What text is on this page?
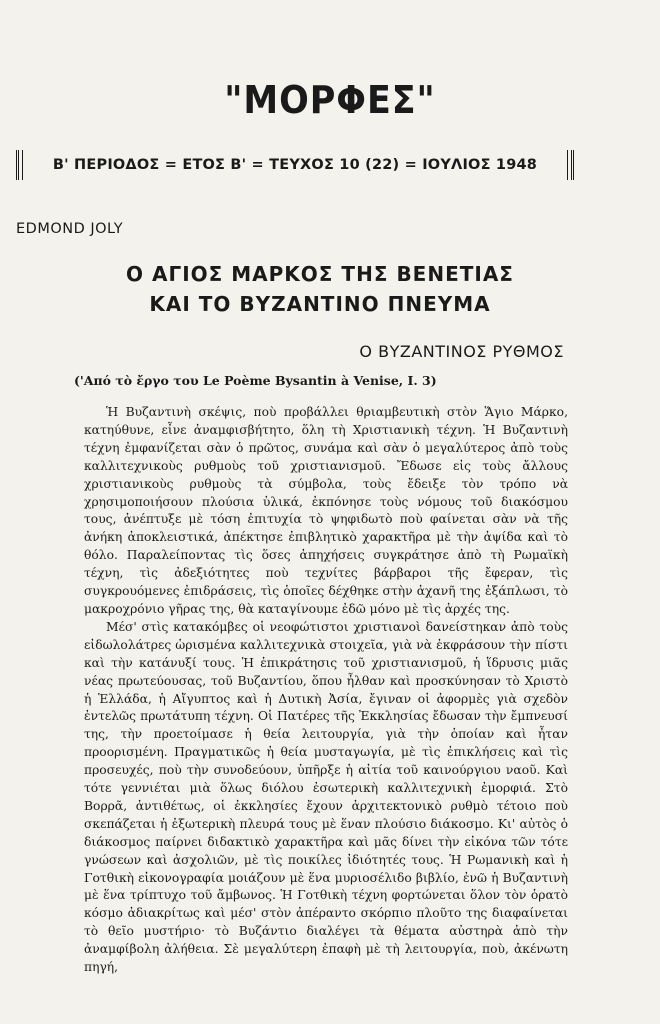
"ΜΟΡΦΕΣ"
Β' ΠΕΡΙΟΔΟΣ = ΕΤΟΣ Β' = ΤΕΥΧΟΣ 10 (22) = ΙΟΥΛΙΟΣ 1948
EDMOND JOLY
Ο ΑΓΙΟΣ ΜΑΡΚΟΣ ΤΗΣ ΒΕΝΕΤΙΑΣ
ΚΑΙ ΤΟ ΒΥΖΑΝΤΙΝΟ ΠΝΕΥΜΑ
Ο ΒΥΖΑΝΤΙΝΟΣ ΡΥΘΜΟΣ
('Από τὸ ἔργο του Le Poème Bysantin à Venise, I. 3)

Ἡ Βυζαντινὴ σκέψις, ποὺ προβάλλει θριαμβευτικὴ στὸν Ἅγιο Μάρκο, κατηύθυνε, εἶνε ἀναμφισβήτητο, ὅλη τὴ Χριστιανικὴ τέχνη. Ἡ Βυζαντινὴ τέχνη ἐμφανίζεται σὰν ὁ πρῶτος, συνάμα καὶ σὰν ὁ μεγαλύτερος ἀπὸ τοὺς καλλιτεχνικοὺς ρυθμοὺς τοῦ χριστιανισμοῦ. Ἔδωσε εἰς τοὺς ἄλλους χριστιανικοὺς ρυθμοὺς τὰ σύμβολα, τοὺς ἔδειξε τὸν τρόπο νὰ χρησιμοποιήσουν πλούσια ὑλικά, ἐκπόνησε τοὺς νόμους τοῦ διακόσμου τους, ἀνέπτυξε μὲ τόση ἐπιτυχία τὸ ψηφιδωτὸ ποὺ φαίνεται σὰν νὰ τῆς ἀνήκη ἀποκλειστικά, ἀπέκτησε ἐπιβλητικὸ χαρακτῆρα μὲ τὴν ἀψίδα καὶ τὸ θόλο. Παραλείποντας τὶς ὅσες ἀπηχήσεις συγκράτησε ἀπὸ τὴ Ρωμαϊκὴ τέχνη, τὶς ἀδεξιότητες ποὺ τεχνίτες βάρβαροι τῆς ἔφεραν, τὶς συγκρουόμενες ἐπιδράσεις, τὶς ὁποῖες δέχθηκε στὴν ἀχανῆ της ἐξάπλωσι, τὸ μακροχρόνιο γῆρας της, θὰ καταγίνουμε ἐδῶ μόνο μὲ τὶς ἀρχές της.

Μέσ' στὶς κατακόμβες οἱ νεοφώτιστοι χριστιανοὶ δανείστηκαν ἀπὸ τοὺς εἰδωλολάτρες ὡρισμένα καλλιτεχνικὰ στοιχεῖα, γιὰ νὰ ἐκφράσουν τὴν πίστι καὶ τὴν κατάνυξί τους. Ἡ ἐπικράτησις τοῦ χριστιανισμοῦ, ἡ ἵδρυσις μιᾶς νέας πρωτεύουσας, τοῦ Βυζαντίου, ὅπου ἦλθαν καὶ προσκύνησαν τὸ Χριστὸ ἡ Ἑλλάδα, ἡ Αἴγυπτος καὶ ἡ Δυτικὴ Ἀσία, ἔγιναν οἱ ἀφορμὲς γιὰ σχεδὸν ἐντελῶς πρωτάτυπη τέχνη. Οἱ Πατέρες τῆς Ἐκκλησίας ἔδωσαν τὴν ἔμπνευσί της, τὴν προετοίμασε ἡ θεία λειτουργία, γιὰ τὴν ὁποίαν καὶ ἦταν προορισμένη. Πραγματικῶς ἡ θεία μυσταγωγία, μὲ τὶς ἐπικλήσεις καὶ τὶς προσευχές, ποὺ τὴν συνοδεύουν, ὑπῆρξε ἡ αἰτία τοῦ καινούργιου ναοῦ. Καὶ τότε γεννιέται μιὰ ὅλως διόλου ἐσωτερικὴ καλλιτεχνικὴ ἐμορφιά. Στὸ Βορρᾶ, ἀντιθέτως, οἱ ἐκκλησίες ἔχουν ἀρχιτεκτονικὸ ρυθμὸ τέτοιο ποὺ σκεπάζεται ἡ ἐξωτερικὴ πλευρά τους μὲ ἕναν πλούσιο διάκοσμο. Κι' αὐτὸς ὁ διάκοσμος παίρνει διδακτικὸ χαρακτῆρα καὶ μᾶς δίνει τὴν εἰκόνα τῶν τότε γνώσεων καὶ ἀσχολιῶν, μὲ τὶς ποικίλες ἰδιότητές τους. Ἡ Ρωμανικὴ καὶ ἡ Γοτθικὴ εἰκονογραφία μοιάζουν μὲ ἕνα μυριοσέλιδο βιβλίο, ἐνῶ ἡ Βυζαντινὴ μὲ ἕνα τρίπτυχο τοῦ ἄμβωνος. Ἡ Γοτθικὴ τέχνη φορτώνεται ὅλον τὸν ὁρατὸ κόσμο ἀδιακρίτως καὶ μέσ' στὸν ἀπέραντο σκόρπιο πλοῦτο της διαφαίνεται τὸ θεῖο μυστήριο· τὸ Βυζάντιο διαλέγει τὰ θέματα αὐστηρὰ ἀπὸ τὴν ἀναμφίβολη ἀλήθεια. Σὲ μεγαλύτερη ἐπαφὴ μὲ τὴ λειτουργία, ποὺ, ἀκένωτη πηγή,
